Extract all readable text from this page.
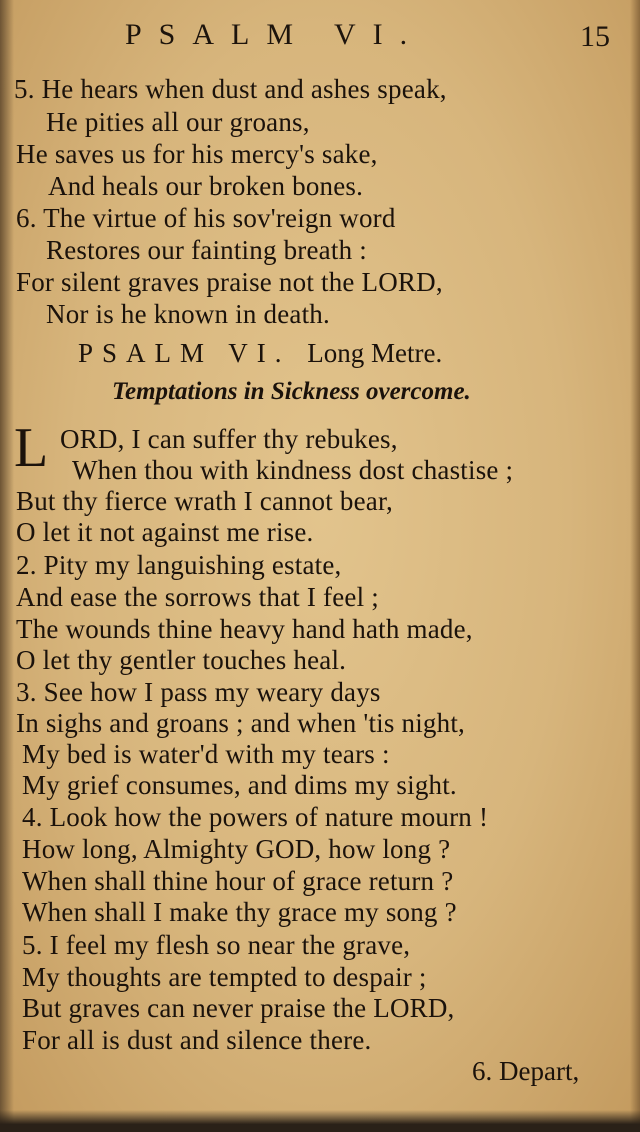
PSALM VI.	15
5. He hears when dust and ashes speak,
He pities all our groans,
He saves us for his mercy's sake,
And heals our broken bones.
6. The virtue of his sov'reign word
Restores our fainting breath :
For silent graves praise not the LORD,
Nor is he known in death.
PSALM VI. Long Metre.
Temptations in Sickness overcome.
L ORD, I can suffer thy rebukes,
When thou with kindness dost chastise ;
But thy fierce wrath I cannot bear,
O let it not against me rise.
2. Pity my languishing estate,
And ease the sorrows that I feel ;
The wounds thine heavy hand hath made,
O let thy gentler touches heal.
3. See how I pass my weary days
In sighs and groans ; and when 'tis night,
My bed is water'd with my tears :
My grief consumes, and dims my sight.
4. Look how the powers of nature mourn !
How long, Almighty GOD, how long ?
When shall thine hour of grace return ?
When shall I make thy grace my song ?
5. I feel my flesh so near the grave,
My thoughts are tempted to despair ;
But graves can never praise the LORD,
For all is dust and silence there.
6. Depart,
